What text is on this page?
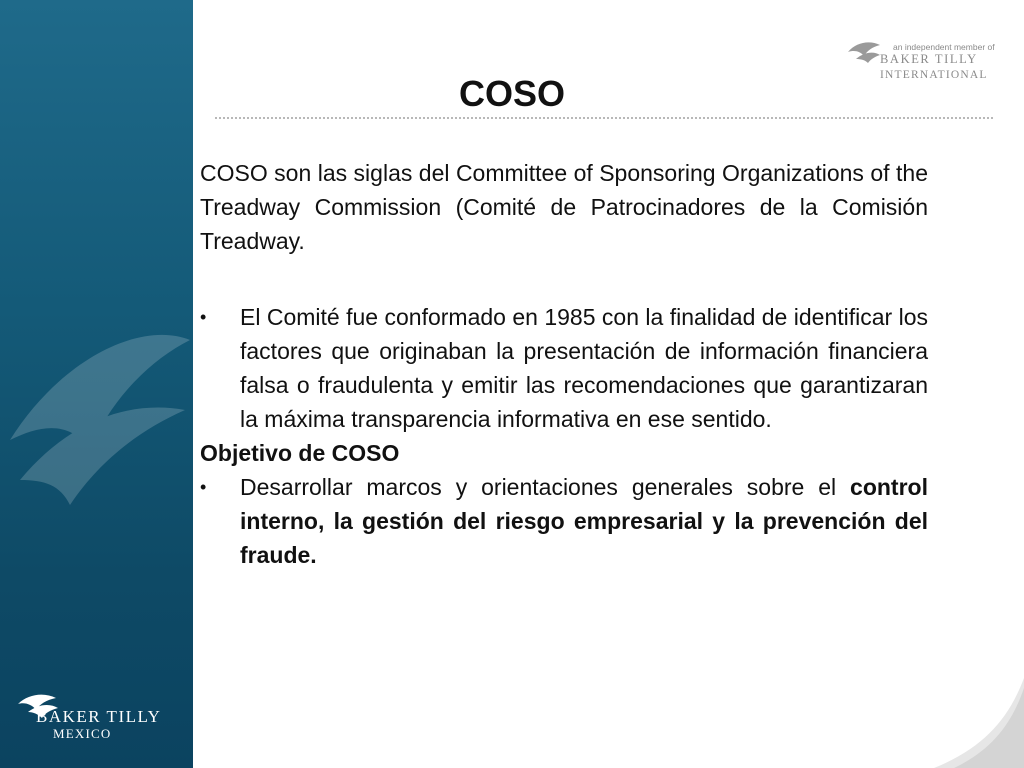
BAKER TILLY
MEXICO
an independent member of
BAKER TILLY
INTERNATIONAL
COSO

COSO son las siglas del Committee of Sponsoring Organizations of the Treadway Commission (Comité de Patrocinadores de la Comisión Treadway.

•	El Comité fue conformado en 1985 con la finalidad de identificar los factores que originaban la presentación de información financiera falsa o fraudulenta y emitir las recomendaciones que garantizaran la máxima transparencia informativa en ese sentido.

Objetivo de COSO

•	Desarrollar marcos y orientaciones generales sobre el control interno, la gestión del riesgo empresarial y la prevención del fraude.
